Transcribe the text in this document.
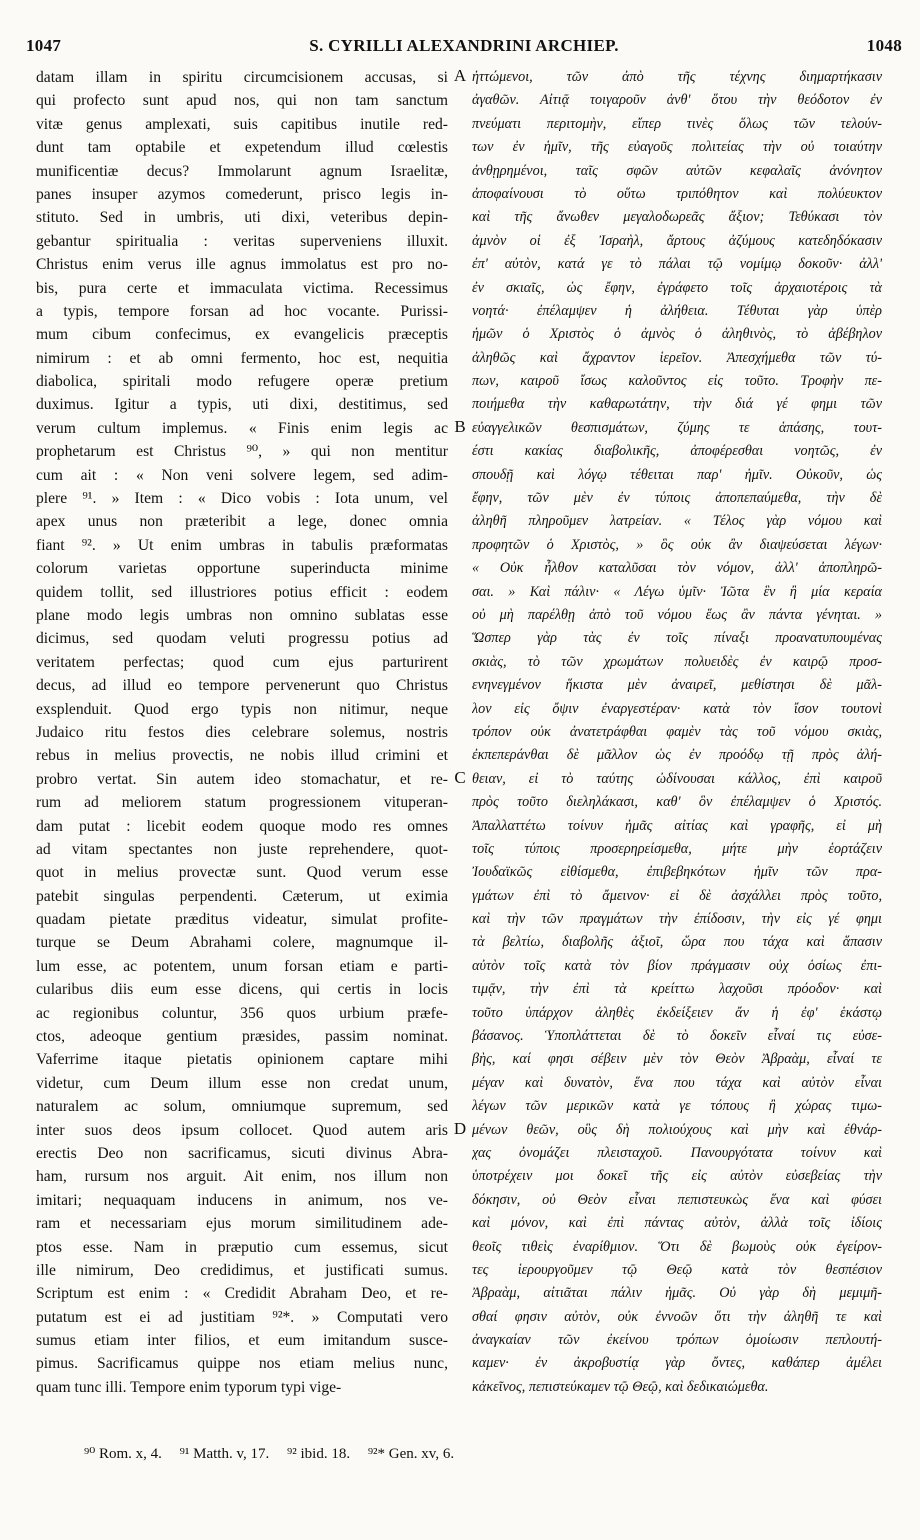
1047	S. CYRILLI ALEXANDRINI ARCHIEP.	1048
datam illam in spiritu circumcisionem accusas, si
qui profecto sunt apud nos, qui non tam sanctum
vitæ genus amplexati, suis capitibus inutile red-
dunt tam optabile et expetendum illud cœlestis
munificentiæ decus? Immolarunt agnum Israelitæ,
panes insuper azymos comederunt, prisco legis in-
stituto. Sed in umbris, uti dixi, veteribus depin-
gebantur spiritualia : veritas superveniens illuxit.
Christus enim verus ille agnus immolatus est pro no-
bis, pura certe et immaculata victima. Recessimus
a typis, tempore forsan ad hoc vocante. Purissi-
mum cibum confecimus, ex evangelicis præceptis
nimirum : et ab omni fermento, hoc est, nequitia
diabolica, spiritali modo refugere operæ pretium
duximus. Igitur a typis, uti dixi, destitimus, sed
verum cultum implemus. « Finis enim legis ac
prophetarum est Christus ⁹⁰, » qui non mentitur
cum ait : « Non veni solvere legem, sed adim-
plere ⁹¹. » Item : « Dico vobis : Iota unum, vel
apex unus non præteribit a lege, donec omnia
fiant ⁹². » Ut enim umbras in tabulis præformatas
colorum varietas opportune superinducta minime
quidem tollit, sed illustriores potius efficit : eodem
plane modo legis umbras non omnino sublatas esse
dicimus, sed quodam veluti progressu potius ad
veritatem perfectas; quod cum ejus parturirent
decus, ad illud eo tempore pervenerunt quo Christus
exsplenduit. Quod ergo typis non nitimur, neque
Judaico ritu festos dies celebrare solemus, nostris
rebus in melius provectis, ne nobis illud crimini et
probro vertat. Sin autem ideo stomachatur, et re-
rum ad meliorem statum progressionem vituperan-
dam putat : licebit eodem quoque modo res omnes
ad vitam spectantes non juste reprehendere, quot-
quot in melius provectæ sunt. Quod verum esse
patebit singulas perpendenti. Cæterum, ut eximia
quadam pietate præditus videatur, simulat profite-
turque se Deum Abrahami colere, magnumque il-
lum esse, ac potentem, unum forsan etiam e parti-
cularibus diis eum esse dicens, qui certis in locis
ac regionibus coluntur, 356 quos urbium præfe-
ctos, adeoque gentium præsides, passim nominat.
Vaferrime itaque pietatis opinionem captare mihi
videtur, cum Deum illum esse non credat unum,
naturalem ac solum, omniumque supremum, sed
inter suos deos ipsum collocet. Quod autem aris
erectis Deo non sacrificamus, sicuti divinus Abra-
ham, rursum nos arguit. Ait enim, nos illum non
imitari; nequaquam inducens in animum, nos ve-
ram et necessariam ejus morum similitudinem ade-
ptos esse. Nam in præputio cum essemus, sicut
ille nimirum, Deo credidimus, et justificati sumus.
Scriptum est enim : « Credidit Abraham Deo, et re-
putatum est ei ad justitiam ⁹²*. » Computati vero
sumus etiam inter filios, et eum imitandum susce-
pimus. Sacrificamus quippe nos etiam melius nunc,
quam tunc illi. Tempore enim typorum typi vige-
ἡττώμενοι, τῶν ἀπὸ τῆς τέχνης διημαρτήκασιν
ἀγαθῶν. Αἰτιᾷ τοιγαροῦν ἀνθ' ὅτου τὴν θεόδοτον ἐν
πνεύματι περιτομὴν, εἴπερ τινὲς ὅλως τῶν τελούν-
των ἐν ἡμῖν, τῆς εὐαγοῦς πολιτείας τὴν οὐ τοιαύτην
ἀνθῃρημένοι, ταῖς σφῶν αὐτῶν κεφαλαῖς ἀνόνητον
ἀποφαίνουσι τὸ οὕτω τριπόθητον καὶ πολύευκτον
καὶ τῆς ἄνωθεν μεγαλοδωρεᾶς ἄξιον; Τεθύκασι τὸν
ἀμνὸν οἱ ἐξ Ἰσραὴλ, ἄρτους ἀζύμους κατεδηδόκασιν
ἐπ' αὐτὸν, κατά γε τὸ πάλαι τῷ νομίμῳ δοκοῦν· ἀλλ'
ἐν σκιαῖς, ὡς ἔφην, ἐγράφετο τοῖς ἀρχαιοτέροις τὰ
νοητά· ἐπέλαμψεν ἡ ἀλήθεια. Τέθυται γὰρ ὑπὲρ
ἡμῶν ὁ Χριστὸς ὁ ἀμνὸς ὁ ἀληθινὸς, τὸ ἀβέβηλον
ἀληθῶς καὶ ἄχραντον ἱερεῖον. Ἀπεσχήμεθα τῶν τύ-
πων, καιροῦ ἴσως καλοῦντος εἰς τοῦτο. Τροφὴν πε-
ποιήμεθα τὴν καθαρωτάτην, τὴν διά γέ φημι τῶν
εὐαγγελικῶν θεσπισμάτων, ζύμης τε ἁπάσης, τουτ-
έστι κακίας διαβολικῆς, ἀποφέρεσθαι νοητῶς, ἐν
σπουδῇ καὶ λόγῳ τέθειται παρ' ἡμῖν. Οὐκοῦν, ὡς
ἔφην, τῶν μὲν ἐν τύποις ἀποπεπαύμεθα, τὴν δὲ
ἀληθῆ πληροῦμεν λατρείαν. « Τέλος γὰρ νόμου καὶ
προφητῶν ὁ Χριστὸς, » ὃς οὐκ ἂν διαψεύσεται λέγων·
« Οὐκ ἦλθον καταλῦσαι τὸν νόμον, ἀλλ' ἀποπληρῶ-
σαι. » Καὶ πάλιν· « Λέγω ὑμῖν· Ἰῶτα ἓν ἢ μία κεραία
οὐ μὴ παρέλθῃ ἀπὸ τοῦ νόμου ἕως ἂν πάντα γένηται. »
Ὥσπερ γὰρ τὰς ἐν τοῖς πίναξι προανατυπουμένας
σκιὰς, τὸ τῶν χρωμάτων πολυειδὲς ἐν καιρῷ προσ-
ενηνεγμένον ἥκιστα μὲν ἀναιρεῖ, μεθίστησι δὲ μᾶλ-
λον εἰς ὄψιν ἐναργεστέραν· κατὰ τὸν ἴσον τουτονὶ
τρόπον οὐκ ἀνατετράφθαι φαμὲν τὰς τοῦ νόμου σκιὰς,
ἐκπεπεράνθαι δὲ μᾶλλον ὡς ἐν προόδῳ τῇ πρὸς ἀλή-
θειαν, εἰ τὸ ταύτης ὠδίνουσαι κάλλος, ἐπὶ καιροῦ
πρὸς τοῦτο διεληλάκασι, καθ' ὃν ἐπέλαμψεν ὁ Χριστός.
Ἀπαλλαττέτω τοίνυν ἡμᾶς αἰτίας καὶ γραφῆς, εἰ μὴ
τοῖς τύποις προσερηρείσμεθα, μήτε μὴν ἑορτάζειν
Ἰουδαϊκῶς εἰθίσμεθα, ἐπιβεβηκότων ἡμῖν τῶν πρα-
γμάτων ἐπὶ τὸ ἄμεινον· εἰ δὲ ἀσχάλλει πρὸς τοῦτο,
καὶ τὴν τῶν πραγμάτων τὴν ἐπίδοσιν, τὴν εἰς γέ φημι
τὰ βελτίω, διαβολῆς ἀξιοῖ, ὥρα που τάχα καὶ ἅπασιν
αὐτὸν τοῖς κατὰ τὸν βίον πράγμασιν οὐχ ὁσίως ἐπι-
τιμᾷν, τὴν ἐπὶ τὰ κρείττω λαχοῦσι πρόοδον· καὶ
τοῦτο ὑπάρχον ἀληθὲς ἐκδείξειεν ἄν ἡ ἐφ' ἑκάστῳ
βάσανος. Ὑποπλάττεται δὲ τὸ δοκεῖν εἶναί τις εὐσε-
βὴς, καί φησι σέβειν μὲν τὸν Θεὸν Ἀβραὰμ, εἶναί τε
μέγαν καὶ δυνατὸν, ἕνα που τάχα καὶ αὐτὸν εἶναι
λέγων τῶν μερικῶν κατὰ γε τόπους ἢ χώρας τιμω-
μένων θεῶν, οὓς δὴ πολιούχους καὶ μὴν καὶ ἐθνάρ-
χας ὀνομάζει πλεισταχοῦ. Πανουργότατα τοίνυν καὶ
ὑποτρέχειν μοι δοκεῖ τῆς εἰς αὐτὸν εὐσεβείας τὴν
δόκησιν, οὐ Θεὸν εἶναι πεπιστευκὼς ἕνα καὶ φύσει
καὶ μόνον, καὶ ἐπὶ πάντας αὐτὸν, ἀλλὰ τοῖς ἰδίοις
θεοῖς τιθεὶς ἐναρίθμιον. Ὅτι δὲ βωμοὺς οὐκ ἐγείρον-
τες ἱερουργοῦμεν τῷ Θεῷ κατὰ τὸν θεσπέσιον
Ἀβραὰμ, αἰτιᾶται πάλιν ἡμᾶς. Οὐ γὰρ δὴ μεμιμῆ-
σθαί φησιν αὐτὸν, οὐκ ἐννοῶν ὅτι τὴν ἀληθῆ τε καὶ
ἀναγκαίαν τῶν ἐκείνου τρόπων ὁμοίωσιν πεπλουτή-
καμεν· ἐν ἀκροβυστίᾳ γὰρ ὄντες, καθάπερ ἀμέλει
κἀκεῖνος, πεπιστεύκαμεν τῷ Θεῷ, καὶ δεδικαιώμεθα.
A
B
C
D
⁹⁰ Rom. x, 4. ⁹¹ Matth. v, 17. ⁹² ibid. 18. ⁹²* Gen. xv, 6.
